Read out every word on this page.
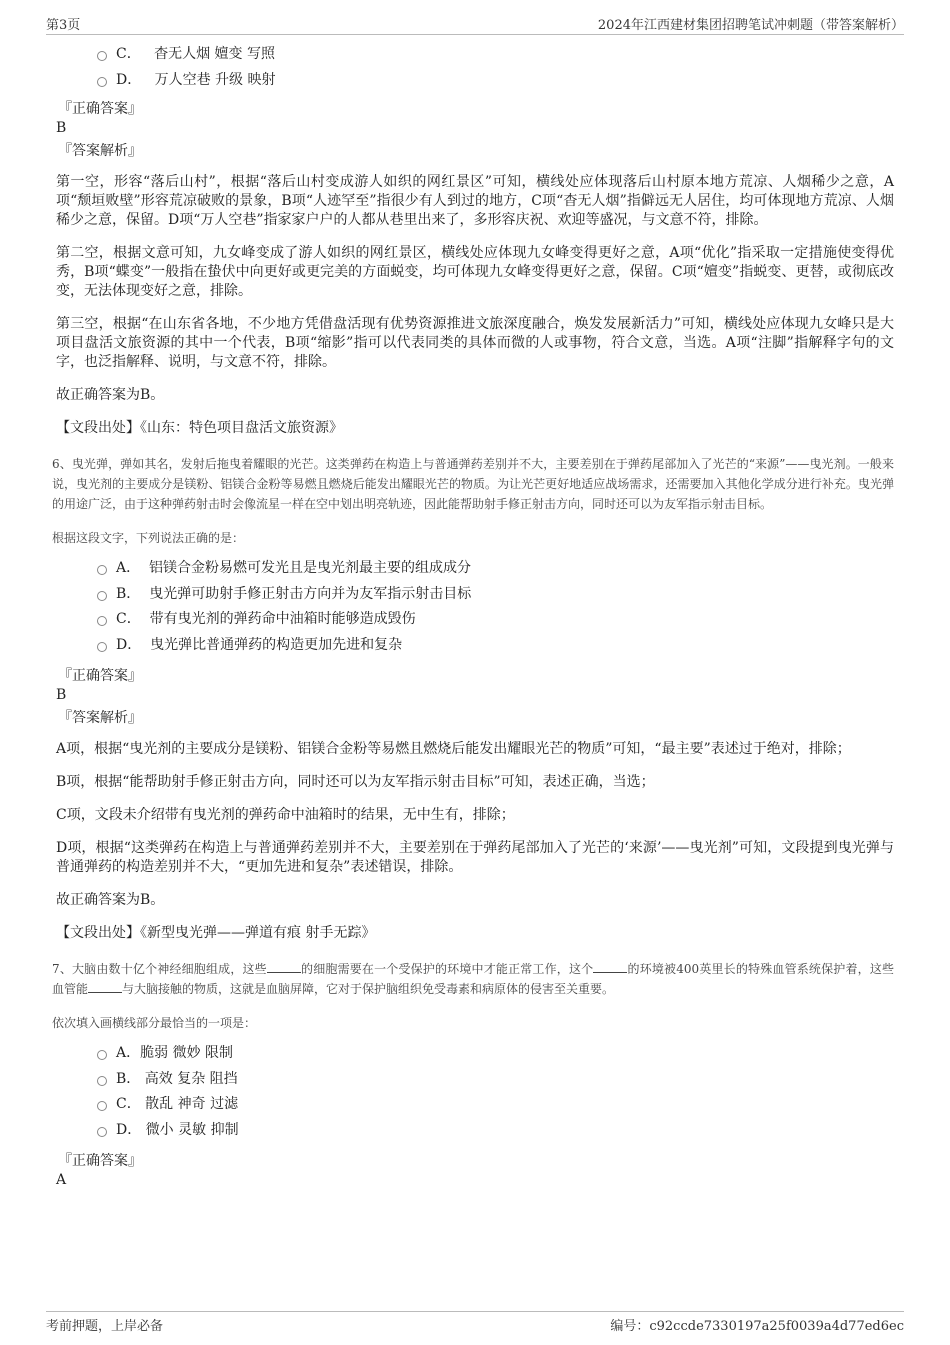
第3页	2024年江西建材集团招聘笔试冲刺题（带答案解析）
C． 杳无人烟 嬗变 写照
D． 万人空巷 升级 映射
『正确答案』
B
『答案解析』

第一空，形容“落后山村”，根据“落后山村变成游人如织的网红景区”可知，横线处应体现落后山村原本地方荒凉、人烟稀少之意，A项“颓垣败壁”形容荒凉破败的景象，B项“人迹罕至”指很少有人到过的地方，C项“杳无人烟”指僻远无人居住，均可体现地方荒凉、人烟稀少之意，保留。D项“万人空巷”指家家户户的人都从巷里出来了，多形容庆祝、欢迎等盛况，与文意不符，排除。

第二空，根据文意可知，九女峰变成了游人如织的网红景区，横线处应体现九女峰变得更好之意，A项“优化”指采取一定措施使变得优秀，B项“蝶变”一般指在蛰伏中向更好或更完美的方面蜕变，均可体现九女峰变得更好之意，保留。C项“嬗变”指蜕变、更替，或彻底改变，无法体现变好之意，排除。

第三空，根据“在山东省各地，不少地方凭借盘活现有优势资源推进文旅深度融合，焕发发展新活力”可知，横线处应体现九女峰只是大项目盘活文旅资源的其中一个代表，B项“缩影”指可以代表同类的具体而微的人或事物，符合文意，当选。A项“注脚”指解释字句的文字，也泛指解释、说明，与文意不符，排除。

故正确答案为B。

【文段出处】《山东：特色项目盘活文旅资源》

6、曳光弹，弹如其名，发射后拖曳着耀眼的光芒。这类弹药在构造上与普通弹药差别并不大，主要差别在于弹药尾部加入了光芒的“来源”——曳光剂。一般来说，曳光剂的主要成分是镁粉、铝镁合金粉等易燃且燃烧后能发出耀眼光芒的物质。为让光芒更好地适应战场需求，还需要加入其他化学成分进行补充。曳光弹的用途广泛，由于这种弹药射击时会像流星一样在空中划出明亮轨迹，因此能帮助射手修正射击方向，同时还可以为友军指示射击目标。

根据这段文字，下列说法正确的是：

A． 铝镁合金粉易燃可发光且是曳光剂最主要的组成成分
B． 曳光弹可助射手修正射击方向并为友军指示射击目标
C． 带有曳光剂的弹药命中油箱时能够造成毁伤
D． 曳光弹比普通弹药的构造更加先进和复杂
『正确答案』
B
『答案解析』

A项，根据“曳光剂的主要成分是镁粉、铝镁合金粉等易燃且燃烧后能发出耀眼光芒的物质”可知，“最主要”表述过于绝对，排除；

B项，根据“能帮助射手修正射击方向，同时还可以为友军指示射击目标”可知，表述正确，当选；

C项，文段未介绍带有曳光剂的弹药命中油箱时的结果，无中生有，排除；

D项，根据“这类弹药在构造上与普通弹药差别并不大，主要差别在于弹药尾部加入了光芒的‘来源’——曳光剂”可知，文段提到曳光弹与普通弹药的构造差别并不大，“更加先进和复杂”表述错误，排除。

故正确答案为B。

【文段出处】《新型曳光弹——弹道有痕 射手无踪》

7、大脑由数十亿个神经细胞组成，这些	的细胞需要在一个受保护的环境中才能正常工作，这个	的环境被400英里长的特殊血管系统保护着，这些血管能	与大脑接触的物质，这就是血脑屏障，它对于保护脑组织免受毒素和病原体的侵害至关重要。

依次填入画横线部分最恰当的一项是：

A．脆弱 微妙 限制
B． 高效 复杂 阻挡
C． 散乱 神奇 过滤
D． 微小 灵敏 抑制
『正确答案』
A
考前押题，上岸必备	编号：c92ccde7330197a25f0039a4d77ed6ec
